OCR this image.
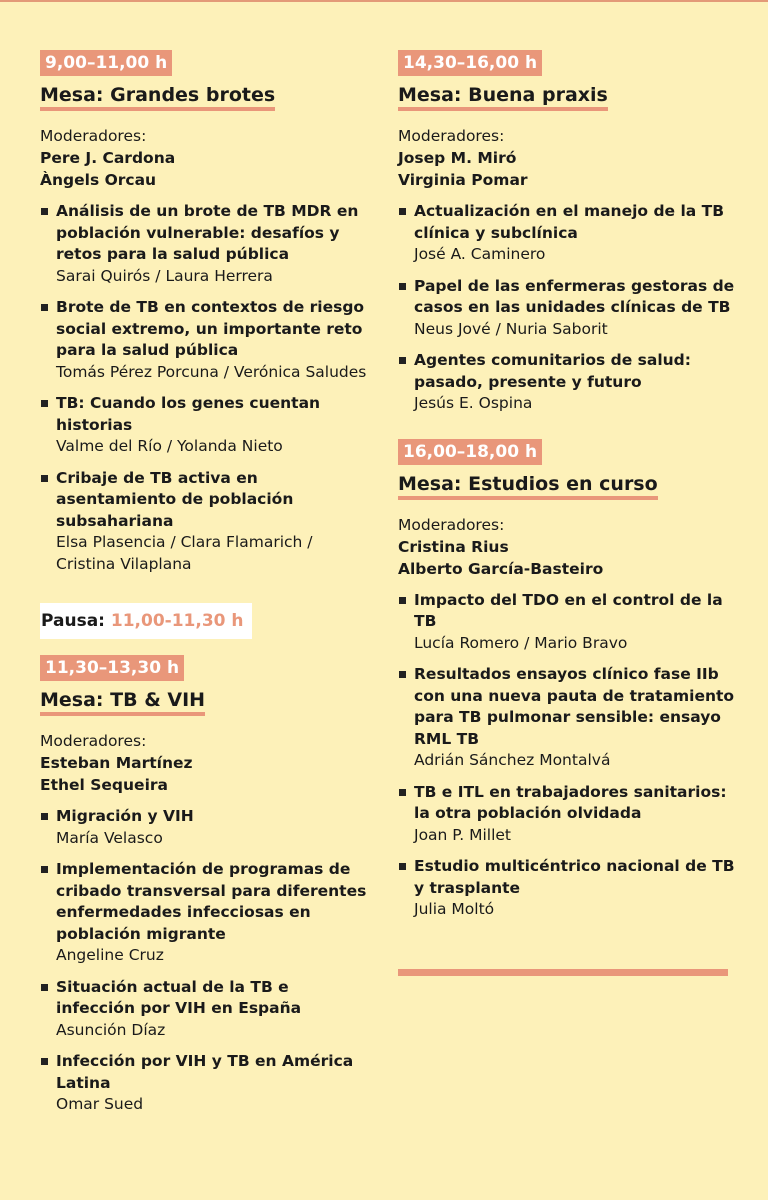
9,00–11,00 h
Mesa: Grandes brotes
Moderadores:
Pere J. Cardona
Àngels Orcau
Análisis de un brote de TB MDR en población vulnerable: desafíos y retos para la salud pública
Sarai Quirós / Laura Herrera
Brote de TB en contextos de riesgo social extremo, un importante reto para la salud pública
Tomás Pérez Porcuna / Verónica Saludes
TB: Cuando los genes cuentan historias
Valme del Río / Yolanda Nieto
Cribaje de TB activa en asentamiento de población subsahariana
Elsa Plasencia / Clara Flamarich / Cristina Vilaplana
Pausa: 11,00-11,30 h
11,30–13,30 h
Mesa: TB & VIH
Moderadores:
Esteban Martínez
Ethel Sequeira
Migración y VIH
María Velasco
Implementación de programas de cribado transversal para diferentes enfermedades infecciosas en población migrante
Angeline Cruz
Situación actual de la TB e infección por VIH en España
Asunción Díaz
Infección por VIH y TB en América Latina
Omar Sued
14,30–16,00 h
Mesa: Buena praxis
Moderadores:
Josep M. Miró
Virginia Pomar
Actualización en el manejo de la TB clínica y subclínica
José A. Caminero
Papel de las enfermeras gestoras de casos en las unidades clínicas de TB
Neus Jové / Nuria Saborit
Agentes comunitarios de salud: pasado, presente y futuro
Jesús E. Ospina
16,00–18,00 h
Mesa: Estudios en curso
Moderadores:
Cristina Rius
Alberto García-Basteiro
Impacto del TDO en el control de la TB
Lucía Romero / Mario Bravo
Resultados ensayos clínico fase IIb con una nueva pauta de tratamiento para TB pulmonar sensible: ensayo RML TB
Adrián Sánchez Montalvá
TB e ITL en trabajadores sanitarios: la otra población olvidada
Joan P. Millet
Estudio multicéntrico nacional de TB y trasplante
Julia Moltó
